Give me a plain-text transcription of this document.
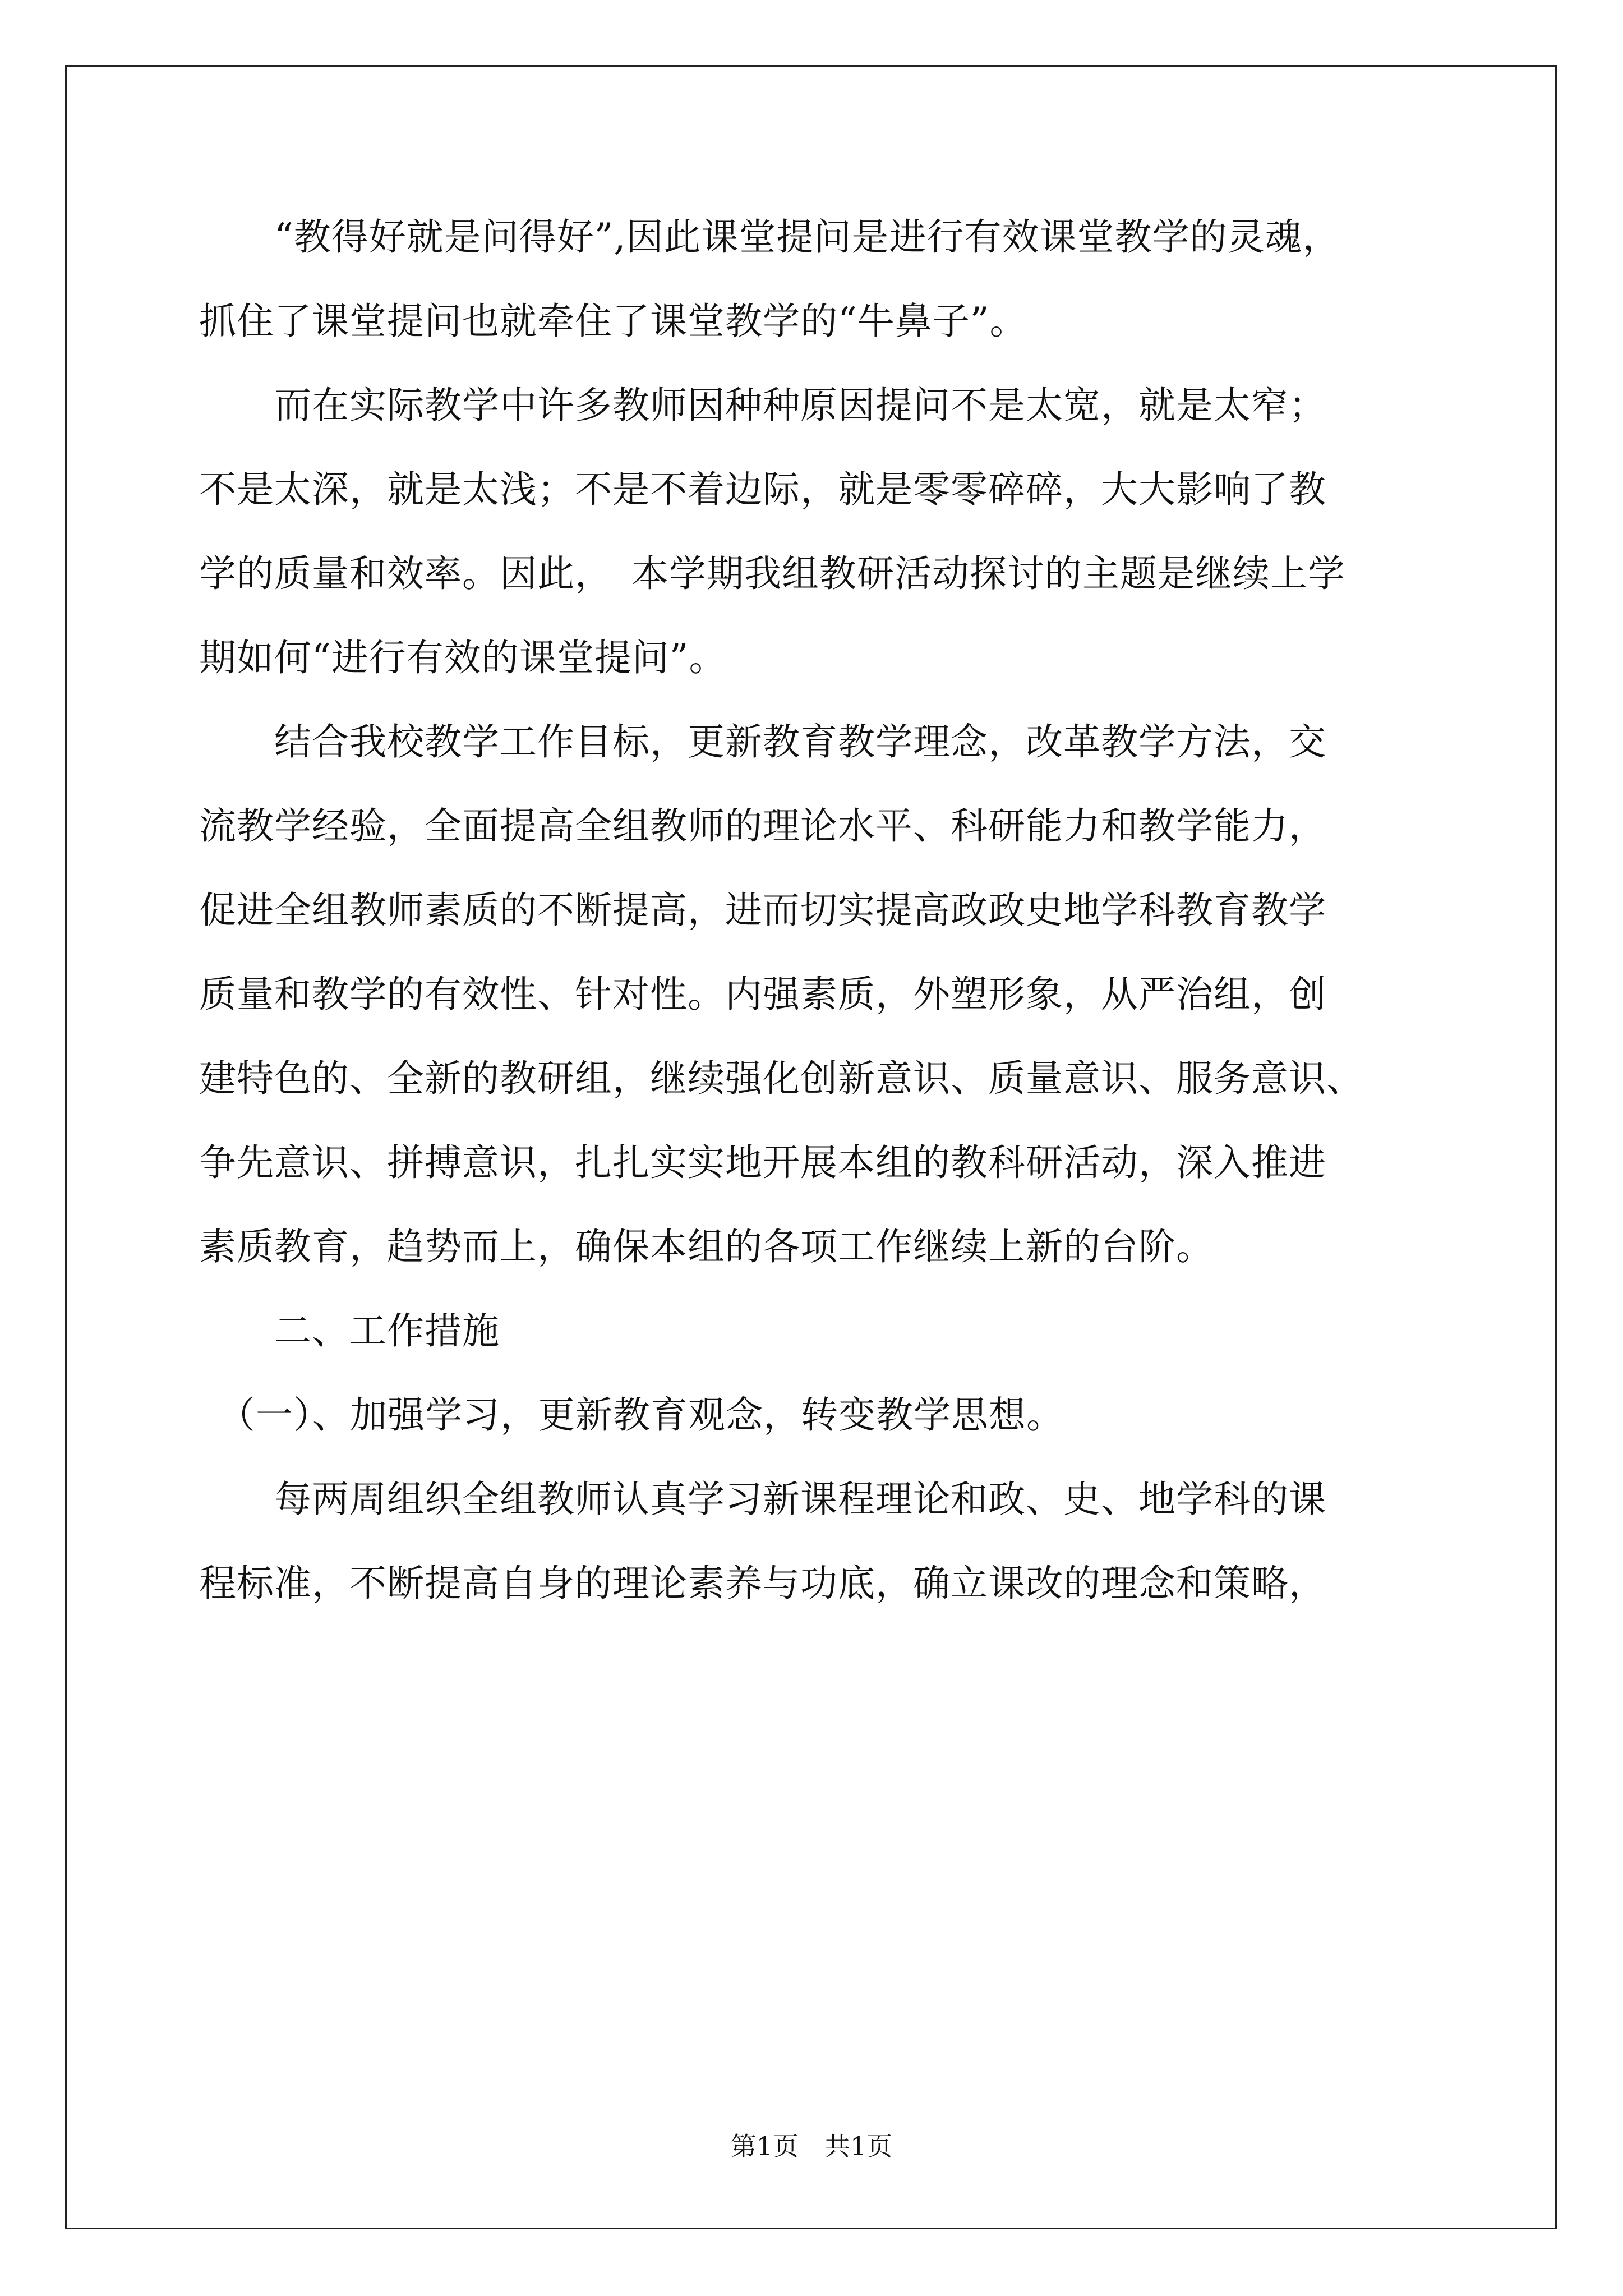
　　“教得好就是问得好”,因此课堂提问是进行有效课堂教学的灵魂，
抓住了课堂提问也就牵住了课堂教学的“牛鼻子”。
　　而在实际教学中许多教师因种种原因提问不是太宽，就是太窄；
不是太深，就是太浅；不是不着边际，就是零零碎碎，大大影响了教
学的质量和效率。因此，　本学期我组教研活动探讨的主题是继续上学
期如何“进行有效的课堂提问”。
　　结合我校教学工作目标，更新教育教学理念，改革教学方法，交
流教学经验，全面提高全组教师的理论水平、科研能力和教学能力，
促进全组教师素质的不断提高，进而切实提高政政史地学科教育教学
质量和教学的有效性、针对性。内强素质，外塑形象，从严治组，创
建特色的、全新的教研组，继续强化创新意识、质量意识、服务意识、
争先意识、拼搏意识，扎扎实实地开展本组的教科研活动，深入推进
素质教育，趋势而上，确保本组的各项工作继续上新的台阶。
　　二、工作措施
　（一）、加强学习，更新教育观念，转变教学思想。
　　每两周组织全组教师认真学习新课程理论和政、史、地学科的课
程标准，不断提高自身的理论素养与功底，确立课改的理念和策略，
第1页　共1页
